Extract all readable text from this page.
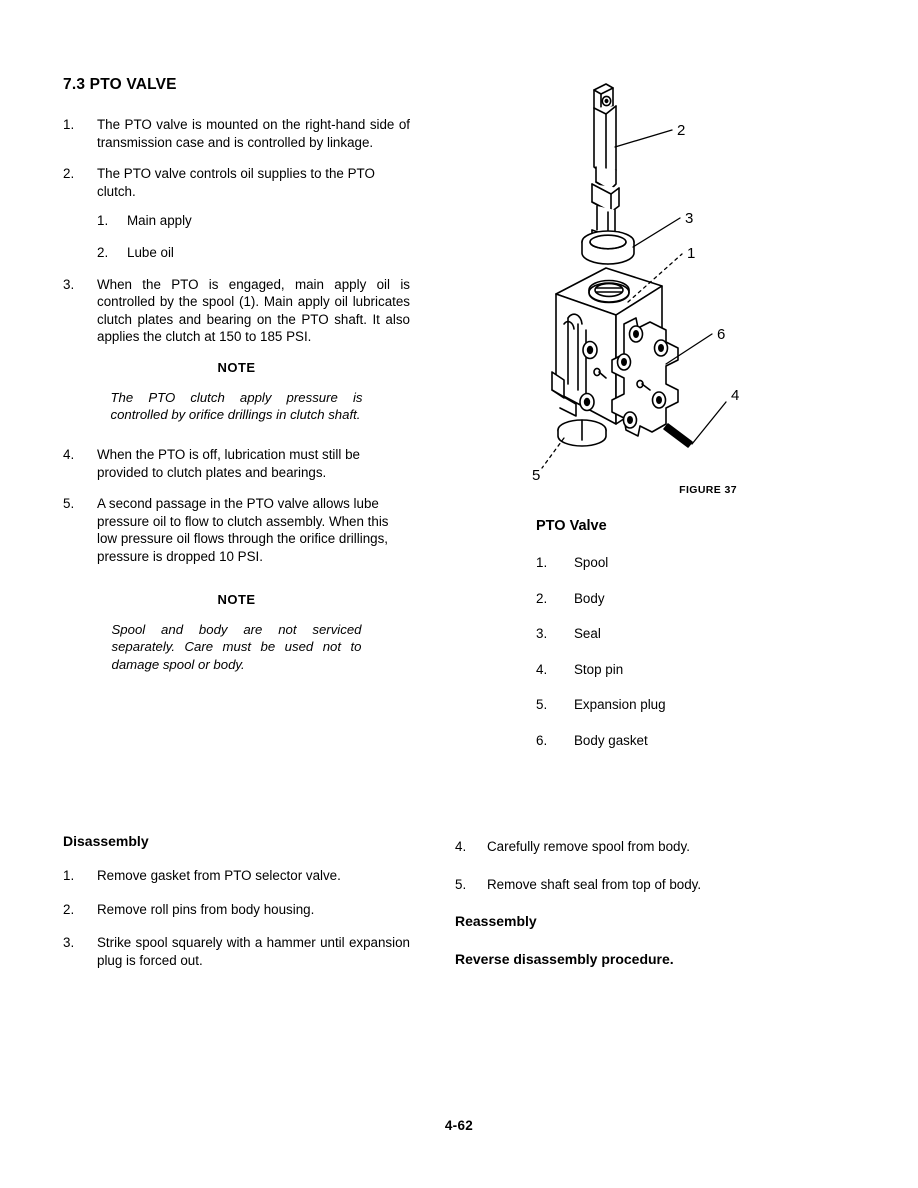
7.3 PTO VALVE
1.	The PTO valve is mounted on the right-hand side of transmission case and is controlled by linkage.
2.	The PTO valve controls oil supplies to the PTO clutch.
1. Main apply
2. Lube oil
3.	When the PTO is engaged, main apply oil is controlled by the spool (1). Main apply oil lubricates clutch plates and bearing on the PTO shaft. It also applies the clutch at 150 to 185 PSI.
NOTE
The PTO clutch apply pressure is controlled by orifice drillings in clutch shaft.
4.	When the PTO is off, lubrication must still be provided to clutch plates and bearings.
5.	A second passage in the PTO valve allows lube pressure oil to flow to clutch assembly. When this low pressure oil flows through the orifice drillings, pressure is dropped 10 PSI.
NOTE
Spool and body are not serviced separately. Care must be used not to damage spool or body.
2
3
1
6
4
5
FIGURE 37
PTO Valve
1.	Spool
2.	Body
3.	Seal
4.	Stop pin
5.	Expansion plug
6.	Body gasket
Disassembly
1.	Remove gasket from PTO selector valve.
2.	Remove roll pins from body housing.
3.	Strike spool squarely with a hammer until expansion plug is forced out.
4.	Carefully remove spool from body.
5.	Remove shaft seal from top of body.
Reassembly
Reverse disassembly procedure.
4-62
